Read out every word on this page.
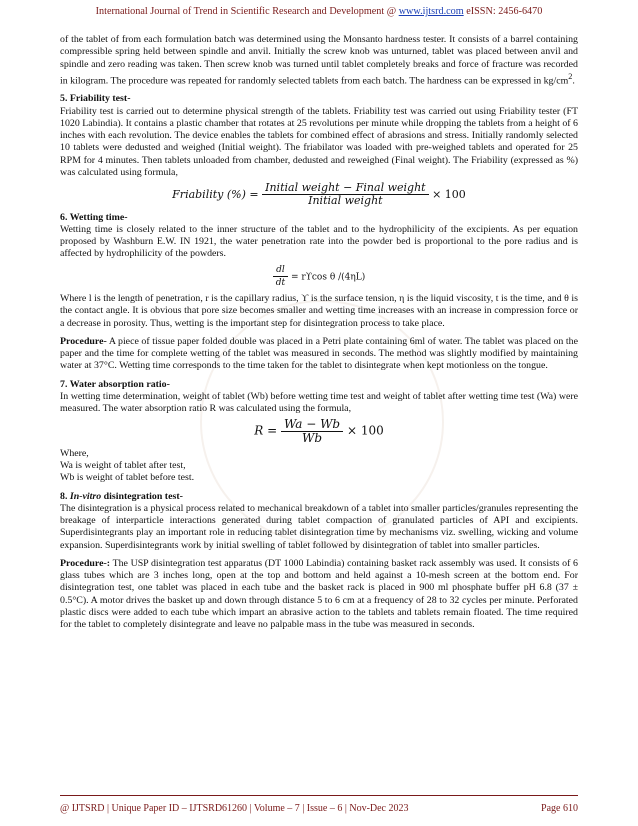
International Journal of Trend in Scientific Research and Development @ www.ijtsrd.com eISSN: 2456-6470

of the tablet of from each formulation batch was determined using the Monsanto hardness tester. It consists of a barrel containing compressible spring held between spindle and anvil. Initially the screw knob was unturned, tablet was placed between anvil and spindle and zero reading was taken. Then screw knob was turned until tablet completely breaks and force of fracture was recorded in kilogram. The procedure was repeated for randomly selected tablets from each batch. The hardness can be expressed in $kg/cm^2$.

5. Friability test-

Friability test is carried out to determine physical strength of the tablets. Friability test was carried out using Friability tester (FT 1020 Labindia). It contains a plastic chamber that rotates at 25 revolutions per minute while dropping the tablets from a height of 6 inches with each revolution. The device enables the tablets for combined effect of abrasions and stress. Initially randomly selected 10 tablets were dedusted and weighed (Initial weight). The friabilator was loaded with pre-weighed tablets and operated for 25 RPM for 4 minutes. Then tablets unloaded from chamber, dedusted and reweighed (Final weight). The Friability (expressed as %) was calculated using formula,

Friability (%) = $\frac{\text{Initial weight − Final weight}}{\text{Initial weight}} \times 100$

6. Wetting time-

Wetting time is closely related to the inner structure of the tablet and to the hydrophilicity of the excipients. As per equation proposed by Washburn E.W. IN 1921, the water penetration rate into the powder bed is proportional to the pore radius and is affected by hydrophilicity of the powders.

$\frac{dl}{dt} = rϒ\cos$ θ /(4ηL)

Where l is the length of penetration, r is the capillary radius, ϒ is the surface tension, η is the liquid viscosity, t is the time, and θ is the contact angle. It is obvious that pore size becomes smaller and wetting time increases with an increase in compression force or a decrease in porosity. Thus, wetting is the important step for disintegration process to take place.

Procedure- A piece of tissue paper folded double was placed in a Petri plate containing 6ml of water. The tablet was placed on the paper and the time for complete wetting of the tablet was measured in seconds. The method was slightly modified by maintaining water at 37°C. Wetting time corresponds to the time taken for the tablet to disintegrate when kept motionless on the tongue.

7. Water absorption ratio-

In wetting time determination, weight of tablet (Wb) before wetting time test and weight of tablet after wetting time test (Wa) were measured. The water absorption ratio R was calculated using the formula,

$R = \frac{Wa - Wb}{Wb} \times 100$

Where,

Wa is weight of tablet after test,

Wb is weight of tablet before test.

8. In-vitro disintegration test-

The disintegration is a physical process related to mechanical breakdown of a tablet into smaller particles/granules representing the breakage of interparticle interactions generated during tablet compaction of granulated particles of API and excipients. Superdisintegrants play an important role in reducing tablet disintegration time by mechanisms viz. swelling, wicking and volume expansion. Superdisintegrants work by initial swelling of tablet followed by disintegration of tablet into smaller particles.

Procedure-: The USP disintegration test apparatus (DT 1000 Labindia) containing basket rack assembly was used. It consists of 6 glass tubes which are 3 inches long, open at the top and bottom and held against a 10-mesh screen at the bottom end. For disintegration test, one tablet was placed in each tube and the basket rack is placed in 900 ml phosphate buffer pH 6.8 (37 ± 0.5°C). A motor drives the basket up and down through distance 5 to 6 cm at a frequency of 28 to 32 cycles per minute. Perforated plastic discs were added to each tube which impart an abrasive action to the tablets and tablets remain floated. The time required for the tablet to completely disintegrate and leave no palpable mass in the tube was measured in seconds.

@ IJTSRD | Unique Paper ID – IJTSRD61260 | Volume – 7 | Issue – 6 | Nov-Dec 2023	Page 610
